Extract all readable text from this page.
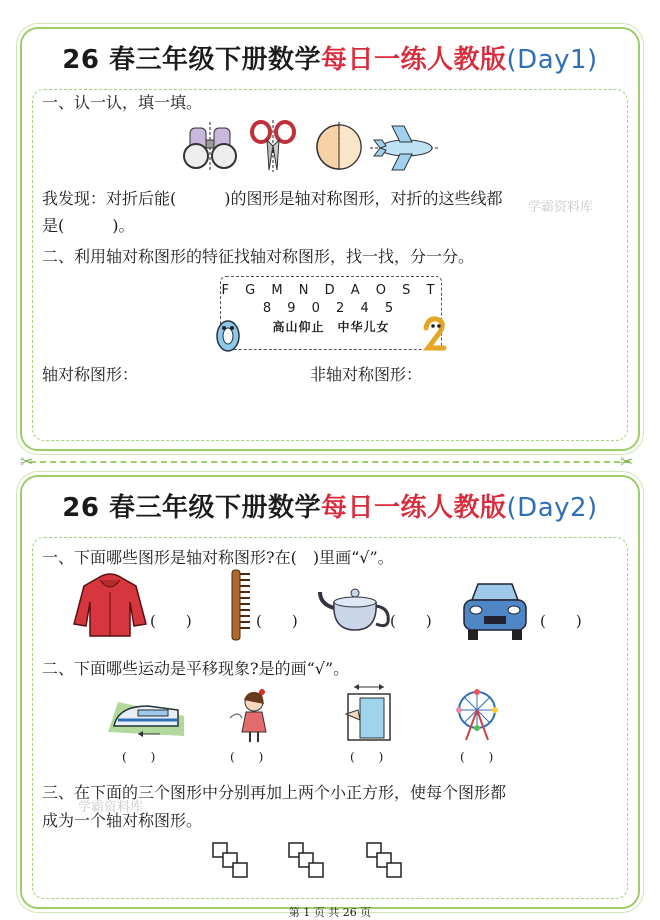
26 春三年级下册数学每日一练人教版(Day1)
一、认一认，填一填。
我发现：对折后能(　　　)的图形是轴对称图形，对折的这些线都
是(　　　)。
二、利用轴对称图形的特征找轴对称图形，找一找，分一分。
F G M N D A O S T
8 9 0 2 4 5
高山仰止　中华儿女
轴对称图形：	非轴对称图形：
学霸资料库
✂	✂
26 春三年级下册数学每日一练人教版(Day2)
一、下面哪些图形是轴对称图形?在(　)里画“√”。
(　　)	(　　)	(　　)	(　　)
二、下面哪些运动是平移现象?是的画“√”。
(　　)	(　　)	(　　)	(　　)
三、在下面的三个图形中分别再加上两个小正方形，使每个图形都
成为一个轴对称图形。
学霸资料库
第 1 页 共 26 页
